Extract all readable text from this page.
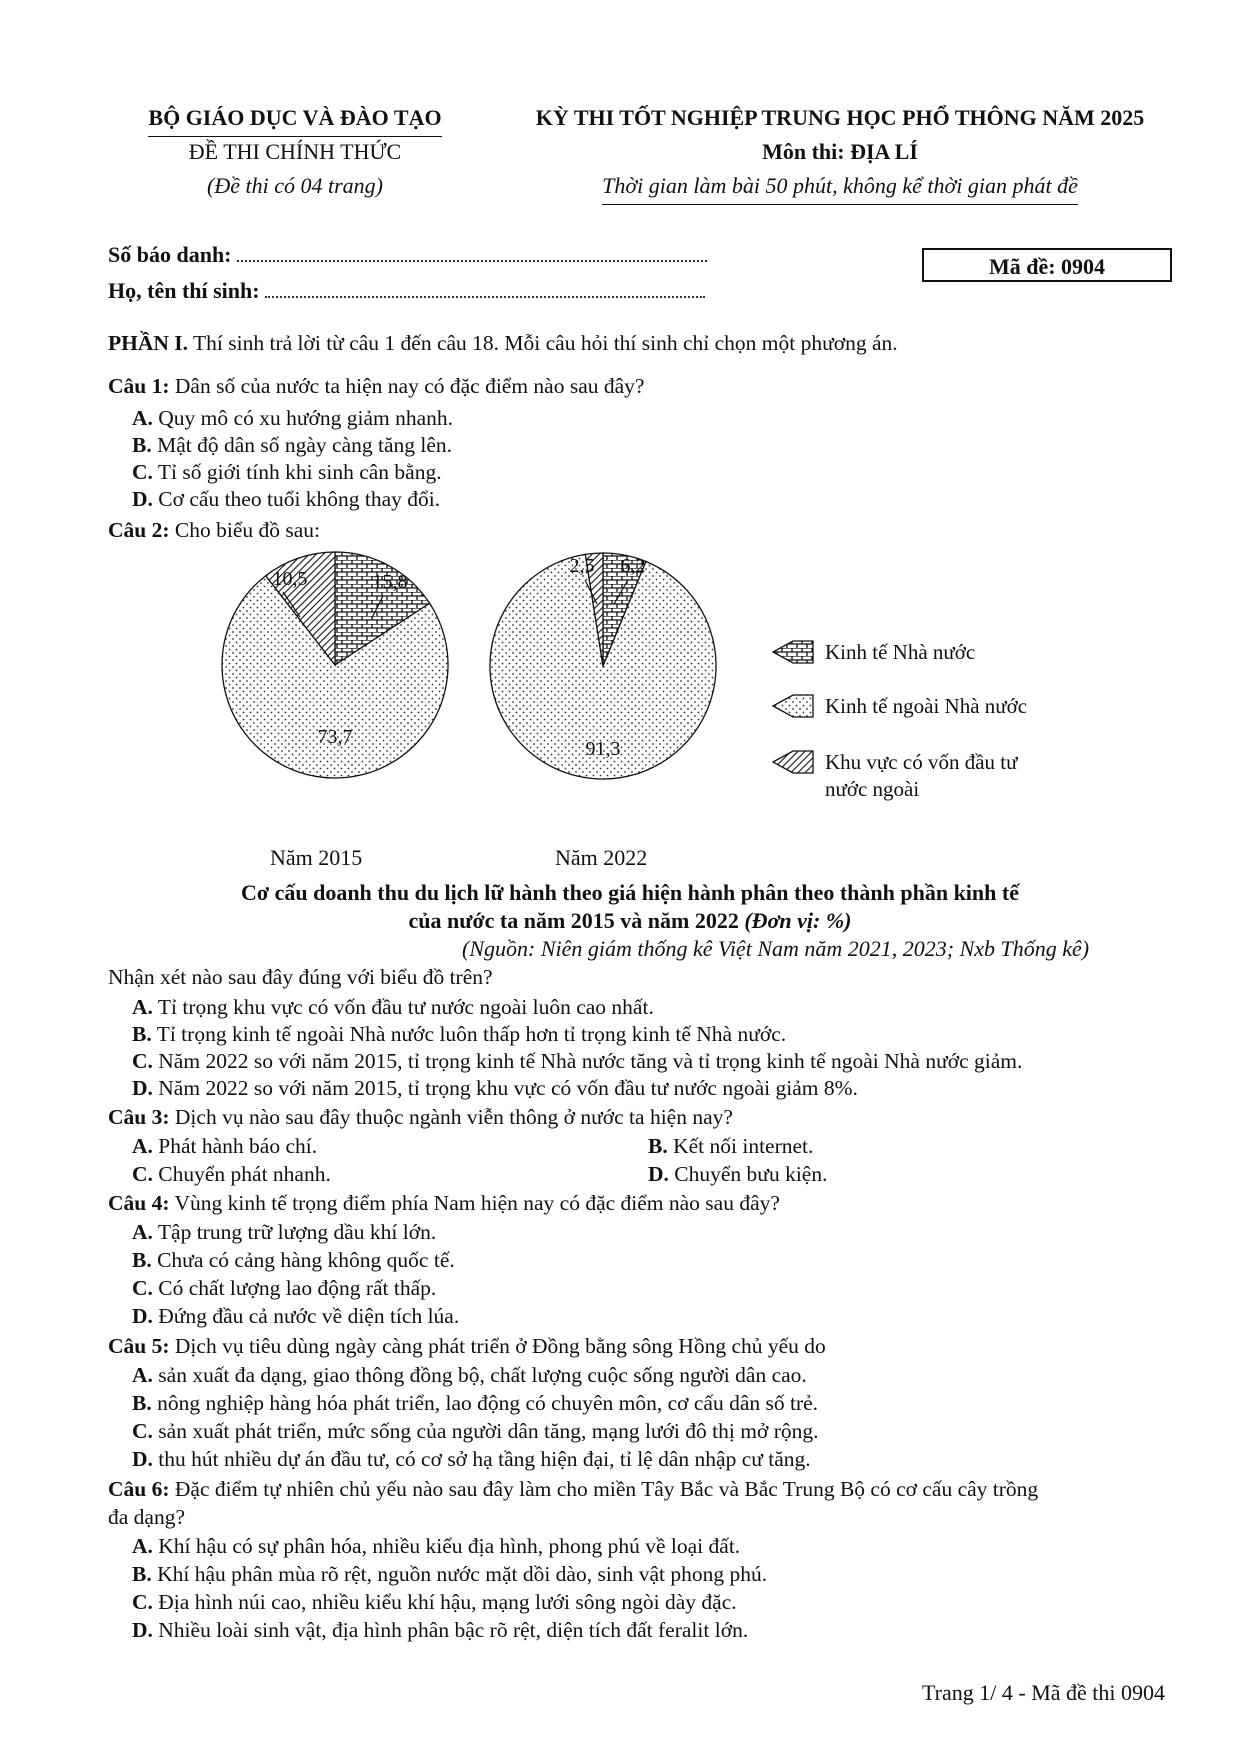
BỘ GIÁO DỤC VÀ ĐÀO TẠO
ĐỀ THI CHÍNH THỨC
(Đề thi có 04 trang)
KỲ THI TỐT NGHIỆP TRUNG HỌC PHỔ THÔNG NĂM 2025
Môn thi: ĐỊA LÍ
Thời gian làm bài 50 phút, không kể thời gian phát đề
Số báo danh:
Họ, tên thí sinh:
Mã đề: 0904
PHẦN I. Thí sinh trả lời từ câu 1 đến câu 18. Mỗi câu hỏi thí sinh chỉ chọn một phương án.
Câu 1: Dân số của nước ta hiện nay có đặc điểm nào sau đây?
A. Quy mô có xu hướng giảm nhanh.
B. Mật độ dân số ngày càng tăng lên.
C. Tỉ số giới tính khi sinh cân bằng.
D. Cơ cấu theo tuổi không thay đổi.
Câu 2: Cho biểu đồ sau:
15,8
73,7
10,5
6,2
91,3
2,5
Kinh tế Nhà nước
Kinh tế ngoài Nhà nước
Khu vực có vốn đầu tư
nước ngoài
Năm 2015	Năm 2022
Cơ cấu doanh thu du lịch lữ hành theo giá hiện hành phân theo thành phần kinh tế
của nước ta năm 2015 và năm 2022 (Đơn vị: %)
(Nguồn: Niên giám thống kê Việt Nam năm 2021, 2023; Nxb Thống kê)
Nhận xét nào sau đây đúng với biểu đồ trên?
A. Tỉ trọng khu vực có vốn đầu tư nước ngoài luôn cao nhất.
B. Tỉ trọng kinh tế ngoài Nhà nước luôn thấp hơn tỉ trọng kinh tế Nhà nước.
C. Năm 2022 so với năm 2015, tỉ trọng kinh tế Nhà nước tăng và tỉ trọng kinh tế ngoài Nhà nước giảm.
D. Năm 2022 so với năm 2015, tỉ trọng khu vực có vốn đầu tư nước ngoài giảm 8%.
Câu 3: Dịch vụ nào sau đây thuộc ngành viễn thông ở nước ta hiện nay?
A. Phát hành báo chí.	B. Kết nối internet.
C. Chuyển phát nhanh.	D. Chuyển bưu kiện.
Câu 4: Vùng kinh tế trọng điểm phía Nam hiện nay có đặc điểm nào sau đây?
A. Tập trung trữ lượng dầu khí lớn.
B. Chưa có cảng hàng không quốc tế.
C. Có chất lượng lao động rất thấp.
D. Đứng đầu cả nước về diện tích lúa.
Câu 5: Dịch vụ tiêu dùng ngày càng phát triển ở Đồng bằng sông Hồng chủ yếu do
A. sản xuất đa dạng, giao thông đồng bộ, chất lượng cuộc sống người dân cao.
B. nông nghiệp hàng hóa phát triển, lao động có chuyên môn, cơ cấu dân số trẻ.
C. sản xuất phát triển, mức sống của người dân tăng, mạng lưới đô thị mở rộng.
D. thu hút nhiều dự án đầu tư, có cơ sở hạ tầng hiện đại, tỉ lệ dân nhập cư tăng.
Câu 6: Đặc điểm tự nhiên chủ yếu nào sau đây làm cho miền Tây Bắc và Bắc Trung Bộ có cơ cấu cây trồng
đa dạng?
A. Khí hậu có sự phân hóa, nhiều kiểu địa hình, phong phú về loại đất.
B. Khí hậu phân mùa rõ rệt, nguồn nước mặt dồi dào, sinh vật phong phú.
C. Địa hình núi cao, nhiều kiểu khí hậu, mạng lưới sông ngòi dày đặc.
D. Nhiều loài sinh vật, địa hình phân bậc rõ rệt, diện tích đất feralit lớn.
Trang 1/ 4 - Mã đề thi 0904
